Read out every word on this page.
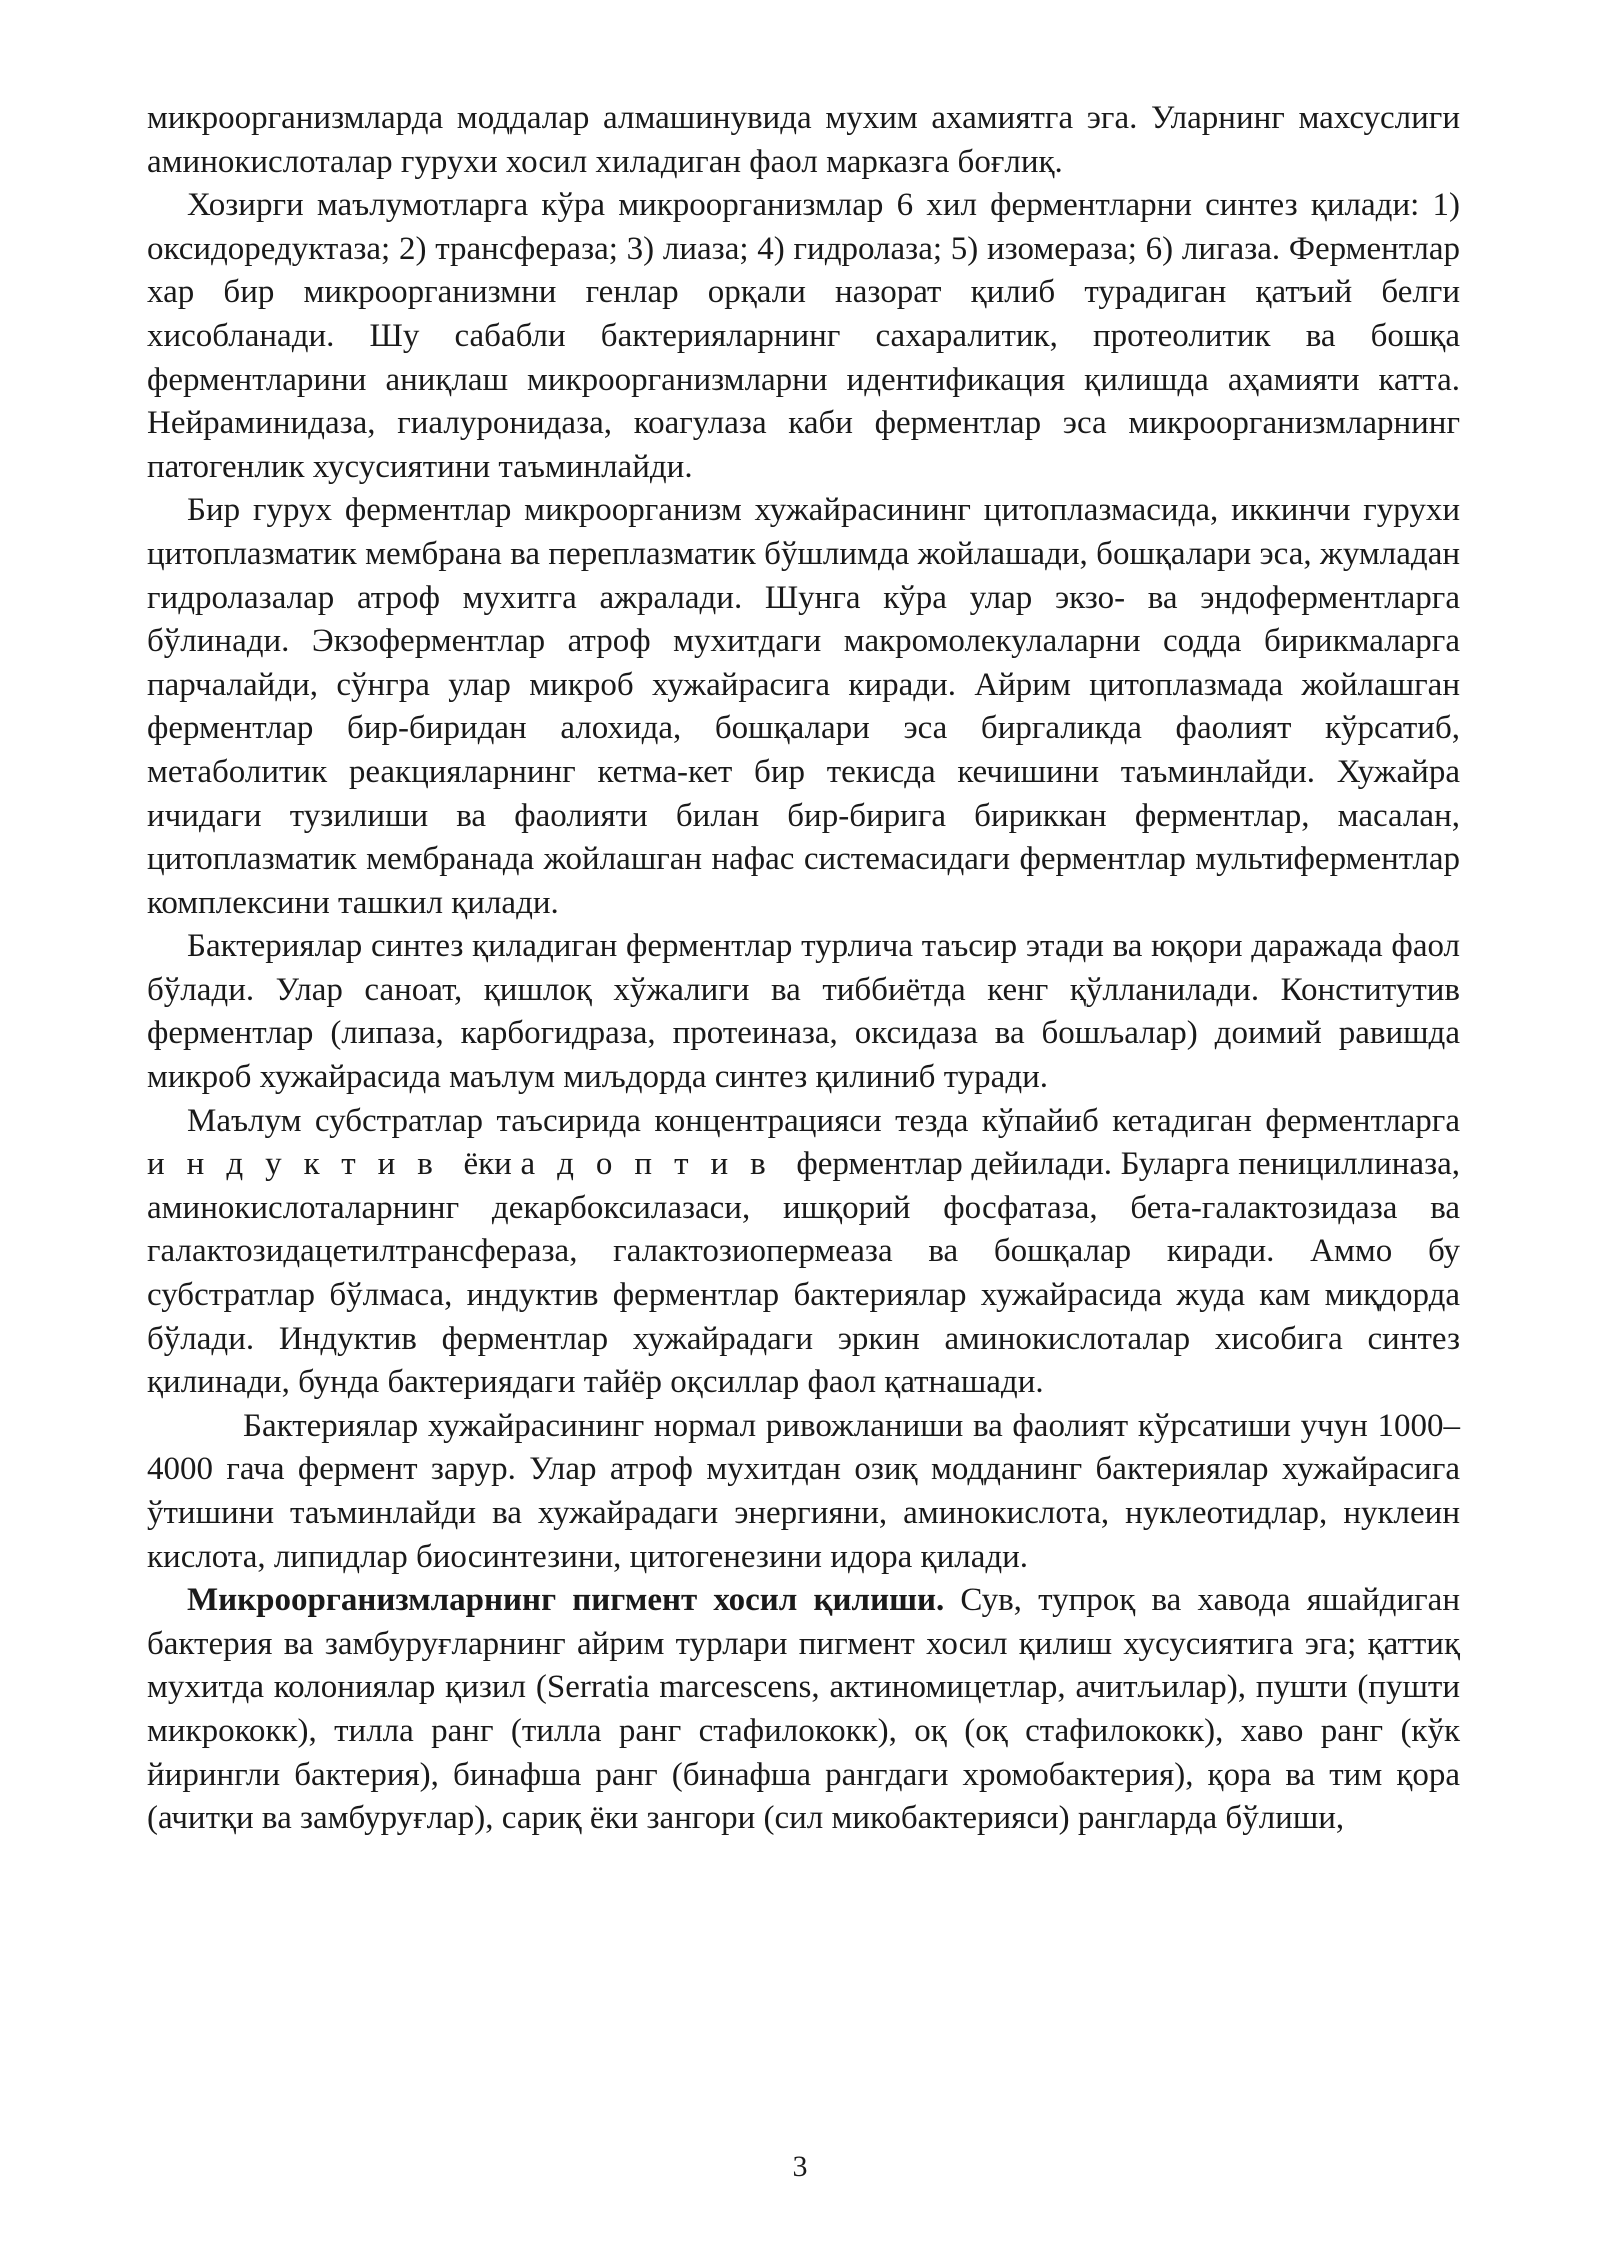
микроорганизмларда моддалар алмашинувида мухим ахамиятга эга. Уларнинг махсуслиги аминокислоталар гурухи хосил хиладиган фаол марказга боғлиқ.

Хозирги маълумотларга кўра микроорганизмлар 6 хил ферментларни синтез қилади: 1) оксидоредуктаза; 2) трансфераза; 3) лиаза; 4) гидролаза; 5) изомераза; 6) лигаза. Ферментлар хар бир микроорганизмни генлар орқали назорат қилиб турадиган қатъий белги хисобланади. Шу сабабли бактерияларнинг сахаралитик, протеолитик ва бошқа ферментларини аниқлаш микроорганизмларни идентификация қилишда аҳамияти катта. Нейраминидаза, гиалуронидаза, коагулаза каби ферментлар эса микроорганизмларнинг патогенлик хусусиятини таъминлайди.

Бир гурух ферментлар микроорганизм хужайрасининг цитоплазмасида, иккинчи гурухи цитоплазматик мембрана ва переплазматик бўшлимда жойлашади, бошқалари эса, жумладан гидролазалар атроф мухитга ажралади. Шунга кўра улар экзо- ва эндоферментларга бўлинади. Экзоферментлар атроф мухитдаги макромолекулаларни содда бирикмаларга парчалайди, сўнгра улар микроб хужайрасига киради. Айрим цитоплазмада жойлашган ферментлар бир-биридан алохида, бошқалари эса биргаликда фаолият кўрсатиб, метаболитик реакцияларнинг кетма-кет бир текисда кечишини таъминлайди. Хужайра ичидаги тузилиши ва фаолияти билан бир-бирига бириккан ферментлар, масалан, цитоплазматик мембранада жойлашган нафас системасидаги ферментлар мультиферментлар комплексини ташкил қилади.

Бактериялар синтез қиладиган ферментлар турлича таъсир этади ва юқори даражада фаол бўлади. Улар саноат, қишлоқ хўжалиги ва тиббиётда кенг қўлланилади. Конститутив ферментлар (липаза, карбогидраза, протеиназа, оксидаза ва бошљалар) доимий равишда микроб хужайрасида маълум миљдорда синтез қилиниб туради.

Маълум субстратлар таъсирида концентрацияси тезда кўпайиб кетадиган ферментларга индуктив ёки адоптив ферментлар дейилади. Буларга пенициллиназа, аминокислоталарнинг декарбоксилазаси, ишқорий фосфатаза, бета-галактозидаза ва галактозидацетилтрансфераза, галактозиопермеаза ва бошқалар киради. Аммо бу субстратлар бўлмаса, индуктив ферментлар бактериялар хужайрасида жуда кам миқдорда бўлади. Индуктив ферментлар хужайрадаги эркин аминокислоталар хисобига синтез қилинади, бунда бактериядаги тайёр оқсиллар фаол қатнашади.

Бактериялар хужайрасининг нормал ривожланиши ва фаолият кўрсатиши учун 1000–4000 гача фермент зарур. Улар атроф мухитдан озиқ модданинг бактериялар хужайрасига ўтишини таъминлайди ва хужайрадаги энергияни, аминокислота, нуклеотидлар, нуклеин кислота, липидлар биосинтезини, цитогенезини идора қилади.

Микроорганизмларнинг пигмент хосил қилиши. Сув, тупроқ ва хавода яшайдиган бактерия ва замбуруғларнинг айрим турлари пигмент хосил қилиш хусусиятига эга; қаттиқ мухитда колониялар қизил (Serratia marcescens, актиномицетлар, ачитљилар), пушти (пушти микрококк), тилла ранг (тилла ранг стафилококк), оқ (оқ стафилококк), хаво ранг (кўк йирингли бактерия), бинафша ранг (бинафша рангдаги хромобактерия), қора ва тим қора (ачитқи ва замбуруғлар), сариқ ёки зангори (сил микобактерияси) рангларда бўлиши,

3
